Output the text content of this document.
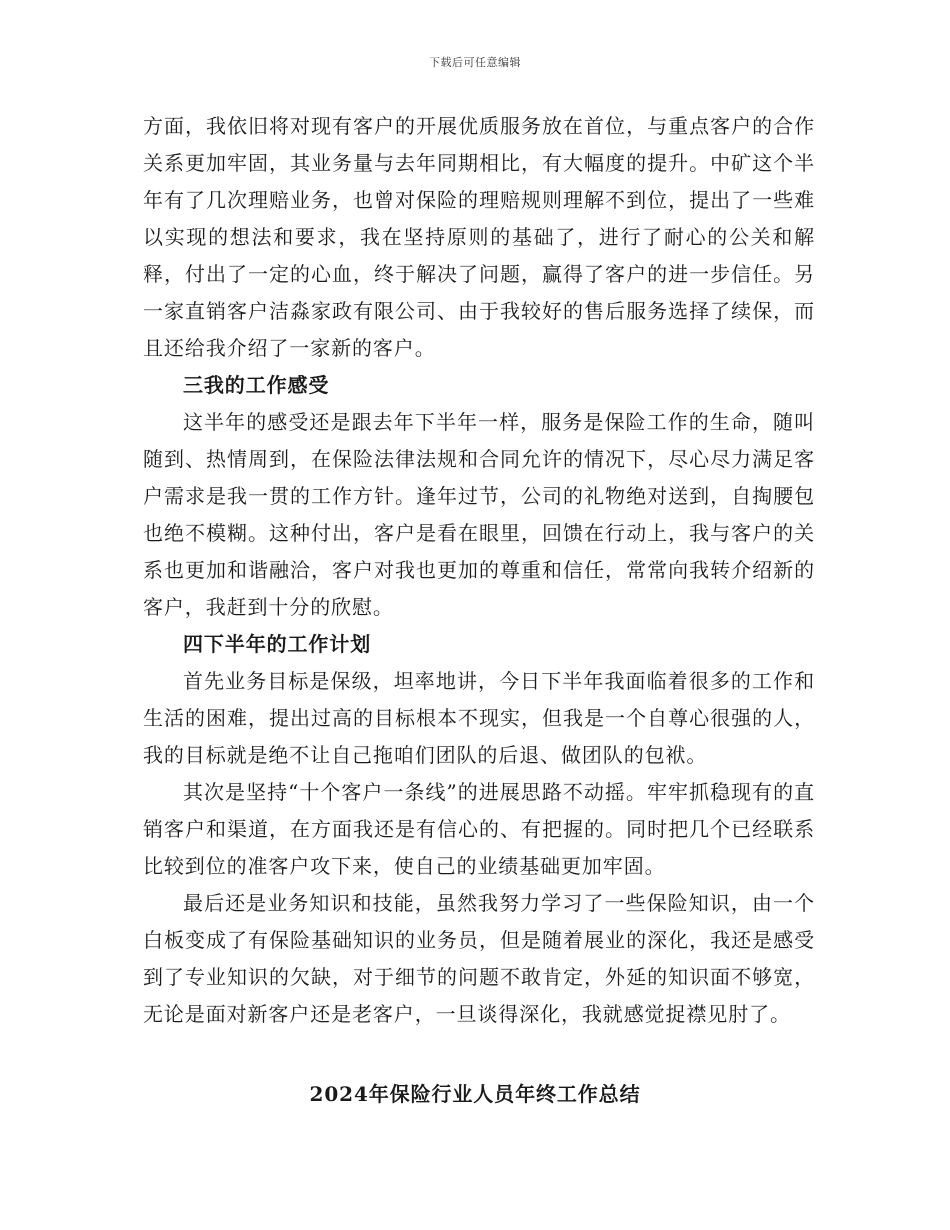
下载后可任意编辑

方面，我依旧将对现有客户的开展优质服务放在首位，与重点客户的合作关系更加牢固，其业务量与去年同期相比，有大幅度的提升。中矿这个半年有了几次理赔业务，也曾对保险的理赔规则理解不到位，提出了一些难以实现的想法和要求，我在坚持原则的基础了，进行了耐心的公关和解释，付出了一定的心血，终于解决了问题，赢得了客户的进一步信任。另一家直销客户洁淼家政有限公司、由于我较好的售后服务选择了续保，而且还给我介绍了一家新的客户。

三我的工作感受

这半年的感受还是跟去年下半年一样，服务是保险工作的生命，随叫随到、热情周到，在保险法律法规和合同允许的情况下，尽心尽力满足客户需求是我一贯的工作方针。逢年过节，公司的礼物绝对送到，自掏腰包也绝不模糊。这种付出，客户是看在眼里，回馈在行动上，我与客户的关系也更加和谐融洽，客户对我也更加的尊重和信任，常常向我转介绍新的客户，我赶到十分的欣慰。

四下半年的工作计划

首先业务目标是保级，坦率地讲，今日下半年我面临着很多的工作和生活的困难，提出过高的目标根本不现实，但我是一个自尊心很强的人，我的目标就是绝不让自己拖咱们团队的后退、做团队的包袱。

其次是坚持“十个客户一条线”的进展思路不动摇。牢牢抓稳现有的直销客户和渠道，在方面我还是有信心的、有把握的。同时把几个已经联系比较到位的准客户攻下来，使自己的业绩基础更加牢固。

最后还是业务知识和技能，虽然我努力学习了一些保险知识，由一个白板变成了有保险基础知识的业务员，但是随着展业的深化，我还是感受到了专业知识的欠缺，对于细节的问题不敢肯定，外延的知识面不够宽，无论是面对新客户还是老客户，一旦谈得深化，我就感觉捉襟见肘了。

2024年保险行业人员年终工作总结
